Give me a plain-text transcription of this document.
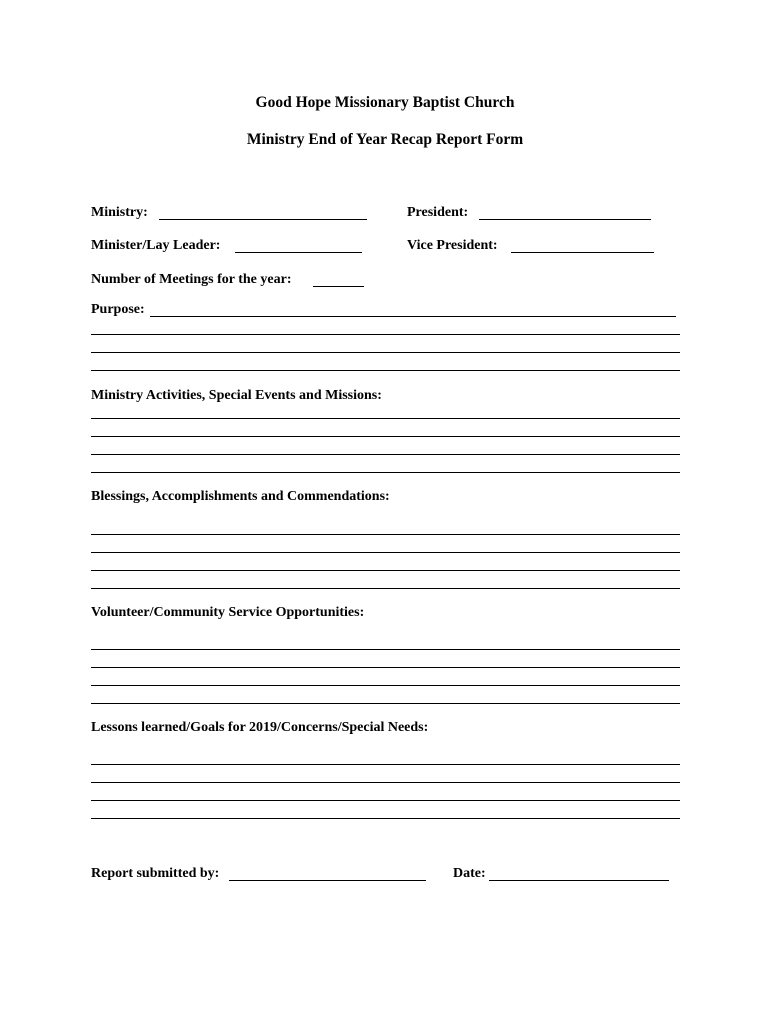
Good Hope Missionary Baptist Church
Ministry End of Year Recap Report Form
Ministry:	President:
Minister/Lay Leader:	Vice President:
Number of Meetings for the year:
Purpose:
Ministry Activities, Special Events and Missions:
Blessings, Accomplishments and Commendations:
Volunteer/Community Service Opportunities:
Lessons learned/Goals for 2019/Concerns/Special Needs:
Report submitted by:	Date:
